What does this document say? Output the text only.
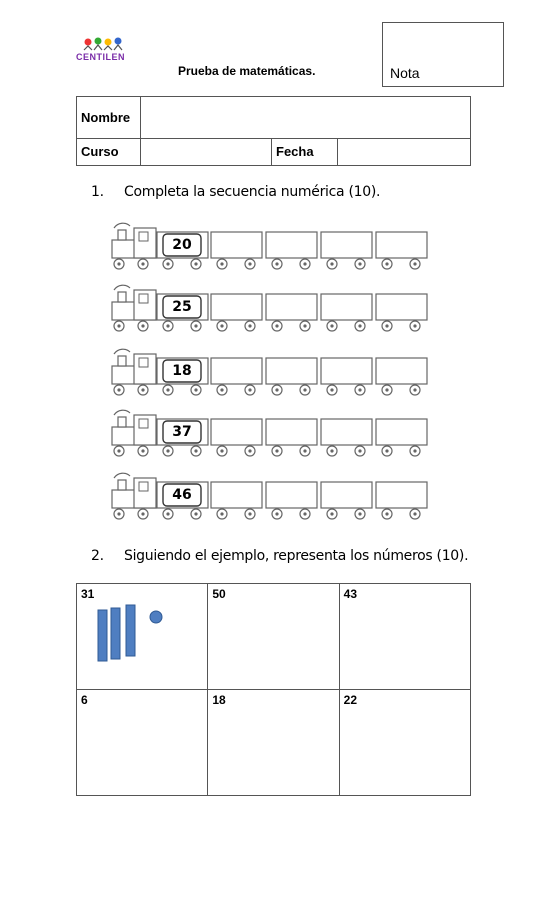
CENTILEN
Prueba de matemáticas.	Nota
Nombre			
Curso		Fecha	
1. Completa la secuencia numérica (10).
20
25
18
37
46
2. Siguiendo el ejemplo, representa los números (10).
31	50	43

6	18	22
